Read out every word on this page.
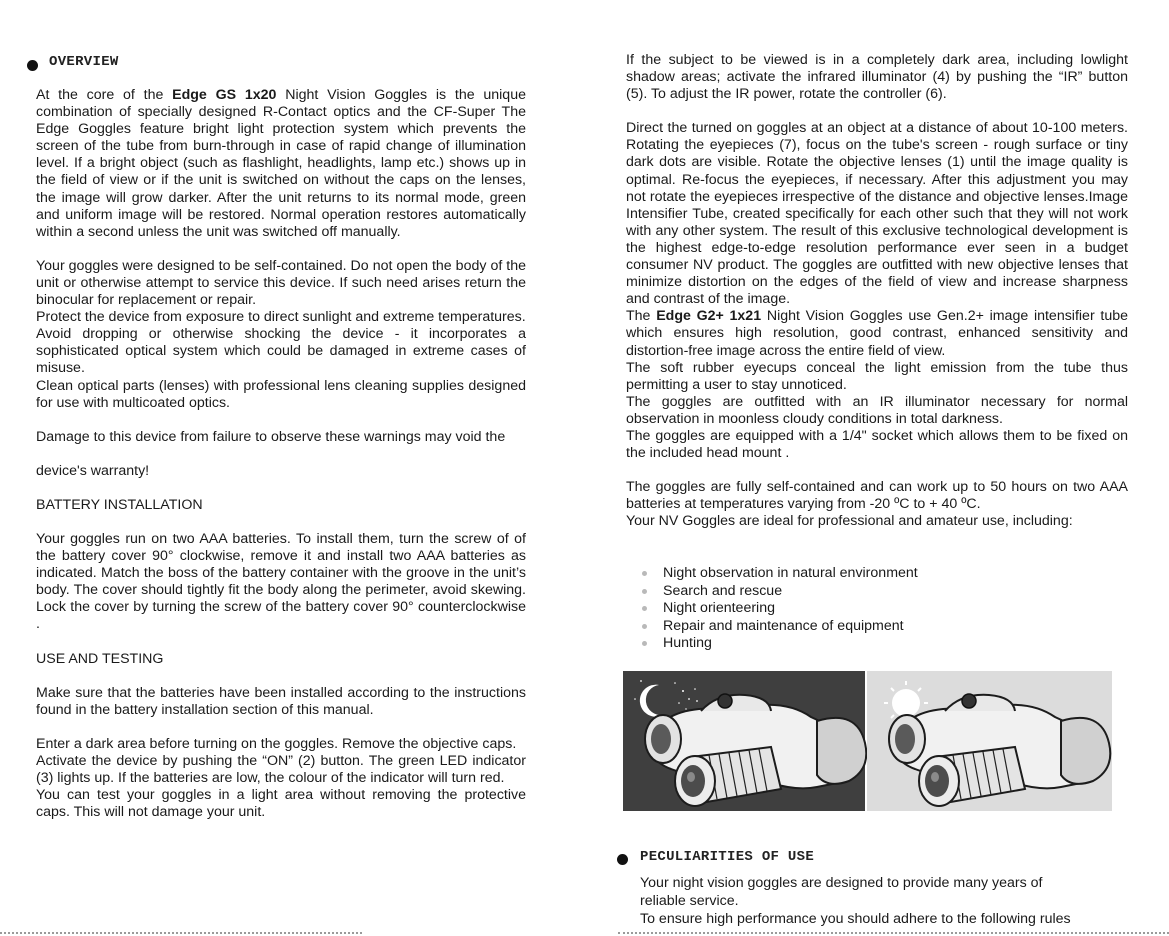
OVERVIEW

At the core of the Edge GS 1x20 Night Vision Goggles is the unique combination of specially designed R-Contact optics and the CF-Super The Edge Goggles feature bright light protection system which prevents the screen of the tube from burn-through in case of rapid change of illumination level. If a bright object (such as flashlight, headlights, lamp etc.) shows up in the field of view or if the unit is switched on without the caps on the lenses, the image will grow darker. After the unit returns to its normal mode, green and uniform image will be restored. Normal operation restores automatically within a second unless the unit was switched off manually.

Your goggles were designed to be self-contained. Do not open the body of the unit or otherwise attempt to service this device. If such need arises return the binocular for replacement or repair.

Protect the device from exposure to direct sunlight and extreme temperatures.

Avoid dropping or otherwise shocking the device - it incorporates a sophisticated optical system which could be damaged in extreme cases of misuse.

Clean optical parts (lenses) with professional lens cleaning supplies designed for use with multicoated optics.

Damage to this device from failure to observe these warnings may void the

device's warranty!

BATTERY INSTALLATION

Your goggles run on two AAA batteries. To install them, turn the screw of of the battery cover 90° clockwise, remove it and install two AAA batteries as indicated. Match the boss of the battery container with the groove in the unit’s body. The cover should tightly fit the body along the perimeter, avoid skewing. Lock the cover by turning the screw of the battery cover 90° counterclockwise .

USE AND TESTING

Make sure that the batteries have been installed according to the instructions found in the battery installation section of this manual.

Enter a dark area before turning on the goggles. Remove the objective caps.

Activate the device by pushing the “ON” (2) button. The green LED indicator (3) lights up. If the batteries are low, the colour of the indicator will turn red.

You can test your goggles in a light area without removing the protective caps. This will not damage your unit.

If the subject to be viewed is in a completely dark area, including lowlight shadow areas; activate the infrared illuminator (4) by pushing the “IR” button (5). To adjust the IR power, rotate the controller (6).

Direct the turned on goggles at an object at a distance of about 10-100 meters. Rotating the eyepieces (7), focus on the tube's screen - rough surface or tiny dark dots are visible. Rotate the objective lenses (1) until the image quality is optimal. Re-focus the eyepieces, if necessary. After this adjustment you may not rotate the eyepieces irrespective of the distance and objective lenses.Image Intensifier Tube, created specifically for each other such that they will not work with any other system. The result of this exclusive technological development is the highest edge-to-edge resolution performance ever seen in a budget consumer NV product. The goggles are outfitted with new objective lenses that minimize distortion on the edges of the field of view and increase sharpness and contrast of the image.

The Edge G2+ 1x21 Night Vision Goggles use Gen.2+ image intensifier tube which ensures high resolution, good contrast, enhanced sensitivity and distortion-free image across the entire field of view.

The soft rubber eyecups conceal the light emission from the tube thus permitting a user to stay unnoticed.

The goggles are outfitted with an IR illuminator necessary for normal observation in moonless cloudy conditions in total darkness.

The goggles are equipped with a 1/4" socket which allows them to be fixed on the included head mount .

The goggles are fully self-contained and can work up to 50 hours on two AAA batteries at temperatures varying from -20 ºC to + 40 ºC.

Your NV Goggles are ideal for professional and amateur use, including:

Night observation in natural environment
Search and rescue
Night orienteering
Repair and maintenance of equipment
Hunting
PECULIARITIES OF USE

Your night vision goggles are designed to provide many years of

reliable service.

To ensure high performance you should adhere to the following rules
